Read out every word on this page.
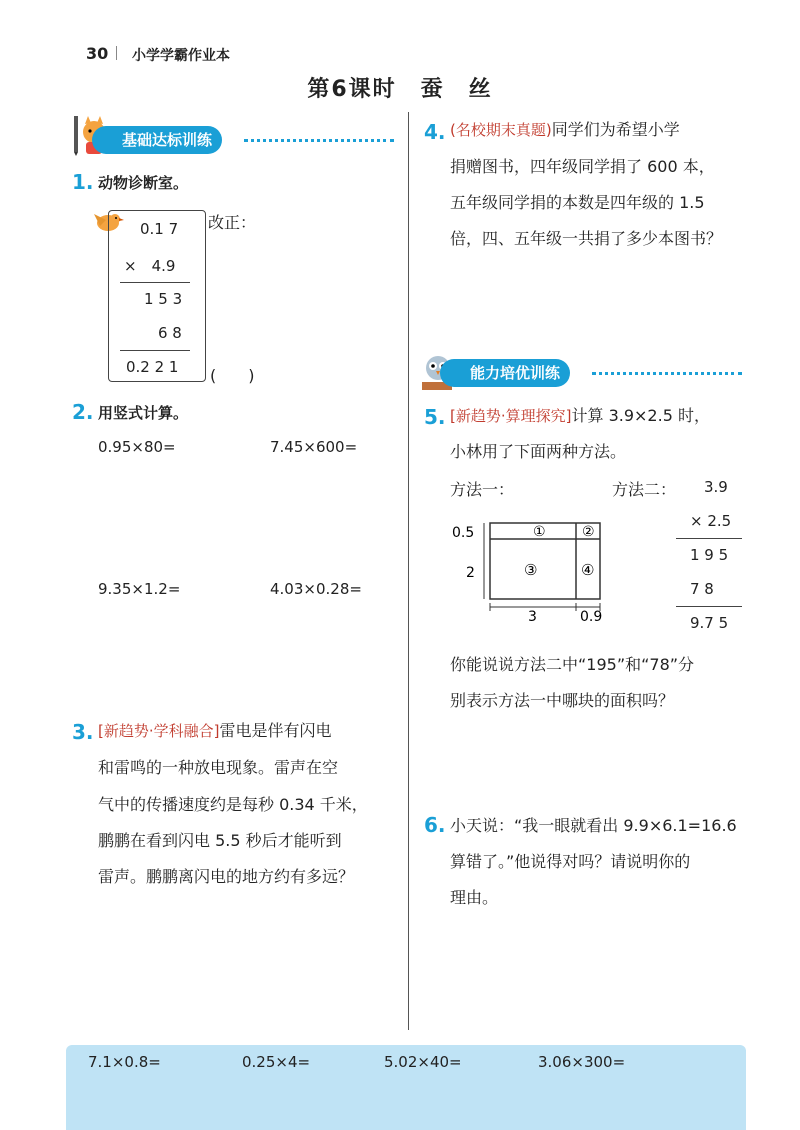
30 小学学霸作业本
第6课时　蚕　丝
基础达标训练
1. 动物诊断室。
0.1 7
×　4.9
1 5 3
6 8
0.2 2 1
改正：
(　　)
2. 用竖式计算。
0.95×80=	7.45×600=
9.35×1.2=	4.03×0.28=
3. [新趋势·学科融合]雷电是伴有闪电
和雷鸣的一种放电现象。雷声在空
气中的传播速度约是每秒 0.34 千米，
鹏鹏在看到闪电 5.5 秒后才能听到
雷声。鹏鹏离闪电的地方约有多远？
4. (名校期末真题)同学们为希望小学
捐赠图书，四年级同学捐了 600 本，
五年级同学捐的本数是四年级的 1.5
倍，四、五年级一共捐了多少本图书？
能力培优训练
5. [新趋势·算理探究]计算 3.9×2.5 时，
小林用了下面两种方法。
方法一：	方法二：
①	②
③	④
0.5
2
3	0.9
3.9
× 2.5
1 9 5
7 8
9.7 5
你能说说方法二中“195”和“78”分
别表示方法一中哪块的面积吗？
6. 小天说：“我一眼就看出 9.9×6.1=16.6
算错了。”他说得对吗？请说明你的
理由。
7.1×0.8=	0.25×4=	5.02×40=	3.06×300=
